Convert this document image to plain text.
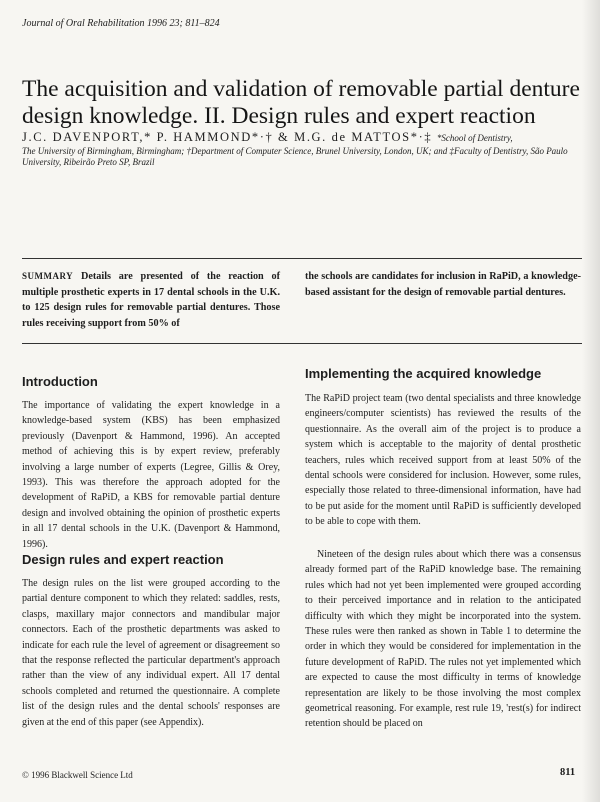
Journal of Oral Rehabilitation 1996 23; 811–824
The acquisition and validation of removable partial denture design knowledge. II. Design rules and expert reaction
J.C. DAVENPORT,* P. HAMMOND*·† & M.G. de MATTOS*·‡ *School of Dentistry,
The University of Birmingham, Birmingham; †Department of Computer Science, Brunel University, London, UK; and ‡Faculty of Dentistry, São Paulo University, Ribeirão Preto SP, Brazil
SUMMARY Details are presented of the reaction of multiple prosthetic experts in 17 dental schools in the U.K. to 125 design rules for removable partial dentures. Those rules receiving support from 50% of
the schools are candidates for inclusion in RaPiD, a knowledge-based assistant for the design of removable partial dentures.
Introduction
The importance of validating the expert knowledge in a knowledge-based system (KBS) has been emphasized previously (Davenport & Hammond, 1996). An accepted method of achieving this is by expert review, preferably involving a large number of experts (Legree, Gillis & Orey, 1993). This was therefore the approach adopted for the development of RaPiD, a KBS for removable partial denture design and involved obtaining the opinion of prosthetic experts in all 17 dental schools in the U.K. (Davenport & Hammond, 1996).
Design rules and expert reaction
The design rules on the list were grouped according to the partial denture component to which they related: saddles, rests, clasps, maxillary major connectors and mandibular major connectors. Each of the prosthetic departments was asked to indicate for each rule the level of agreement or disagreement so that the response reflected the particular department's approach rather than the view of any individual expert. All 17 dental schools completed and returned the questionnaire. A complete list of the design rules and the dental schools' responses are given at the end of this paper (see Appendix).
Implementing the acquired knowledge
The RaPiD project team (two dental specialists and three knowledge engineers/computer scientists) has reviewed the results of the questionnaire. As the overall aim of the project is to produce a system which is acceptable to the majority of dental prosthetic teachers, rules which received support from at least 50% of the dental schools were considered for inclusion. However, some rules, especially those related to three-dimensional information, have had to be put aside for the moment until RaPiD is sufficiently developed to be able to cope with them.
Nineteen of the design rules about which there was a consensus already formed part of the RaPiD knowledge base. The remaining rules which had not yet been implemented were grouped according to their perceived importance and in relation to the anticipated difficulty with which they might be incorporated into the system. These rules were then ranked as shown in Table 1 to determine the order in which they would be considered for implementation in the future development of RaPiD. The rules not yet implemented which are expected to cause the most difficulty in terms of knowledge representation are likely to be those involving the most complex geometrical reasoning. For example, rest rule 19, 'rest(s) for indirect retention should be placed on
© 1996 Blackwell Science Ltd	811
